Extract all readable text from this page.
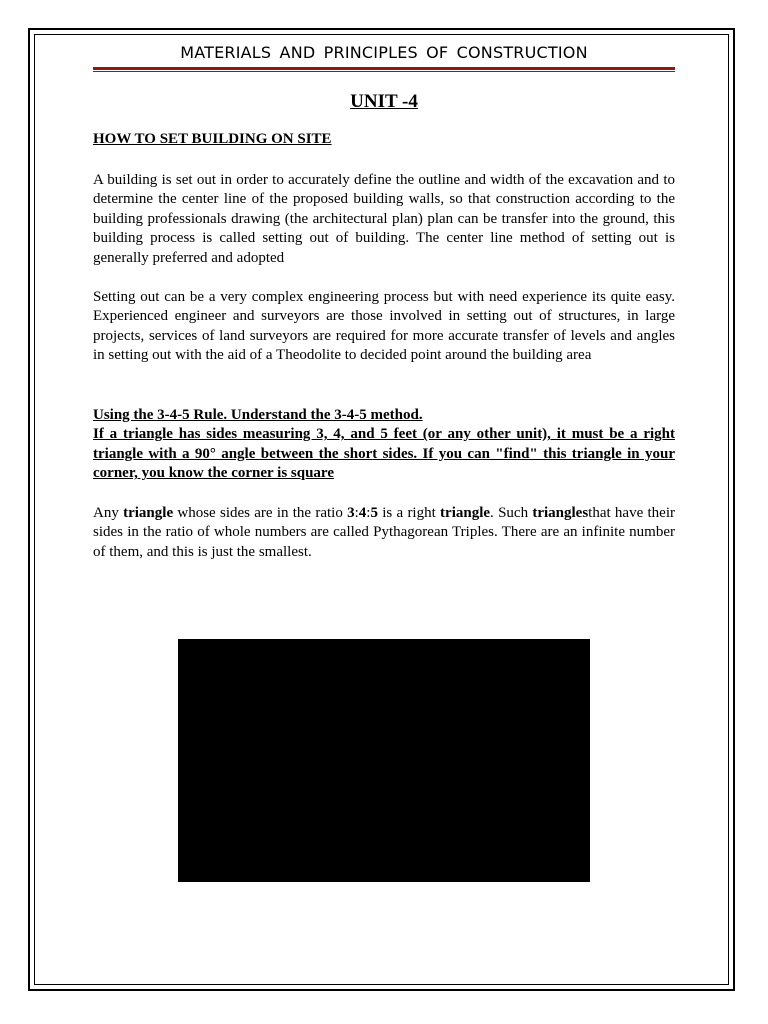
MATERIALS AND PRINCIPLES OF CONSTRUCTION
UNIT -4
HOW TO SET BUILDING ON SITE

A building is set out in order to accurately define the outline and width of the excavation and to determine the center line of the proposed building walls, so that construction according to the building professionals drawing (the architectural plan) plan can be transfer into the ground, this building process is called setting out of building. The center line method of setting out is generally preferred and adopted

Setting out can be a very complex engineering process but with need experience its quite easy. Experienced engineer and surveyors are those involved in setting out of structures, in large projects, services of land surveyors are required for more accurate transfer of levels and angles in setting out with the aid of a Theodolite to decided point around the building area

Using the 3-4-5 Rule. Understand the 3-4-5 method.
If a triangle has sides measuring 3, 4, and 5 feet (or any other unit), it must be a right triangle with a 90° angle between the short sides. If you can "find" this triangle in your corner, you know the corner is square

Any triangle whose sides are in the ratio 3:4:5 is a right triangle. Such trianglesthat have their sides in the ratio of whole numbers are called Pythagorean Triples. There are an infinite number of them, and this is just the smallest.
